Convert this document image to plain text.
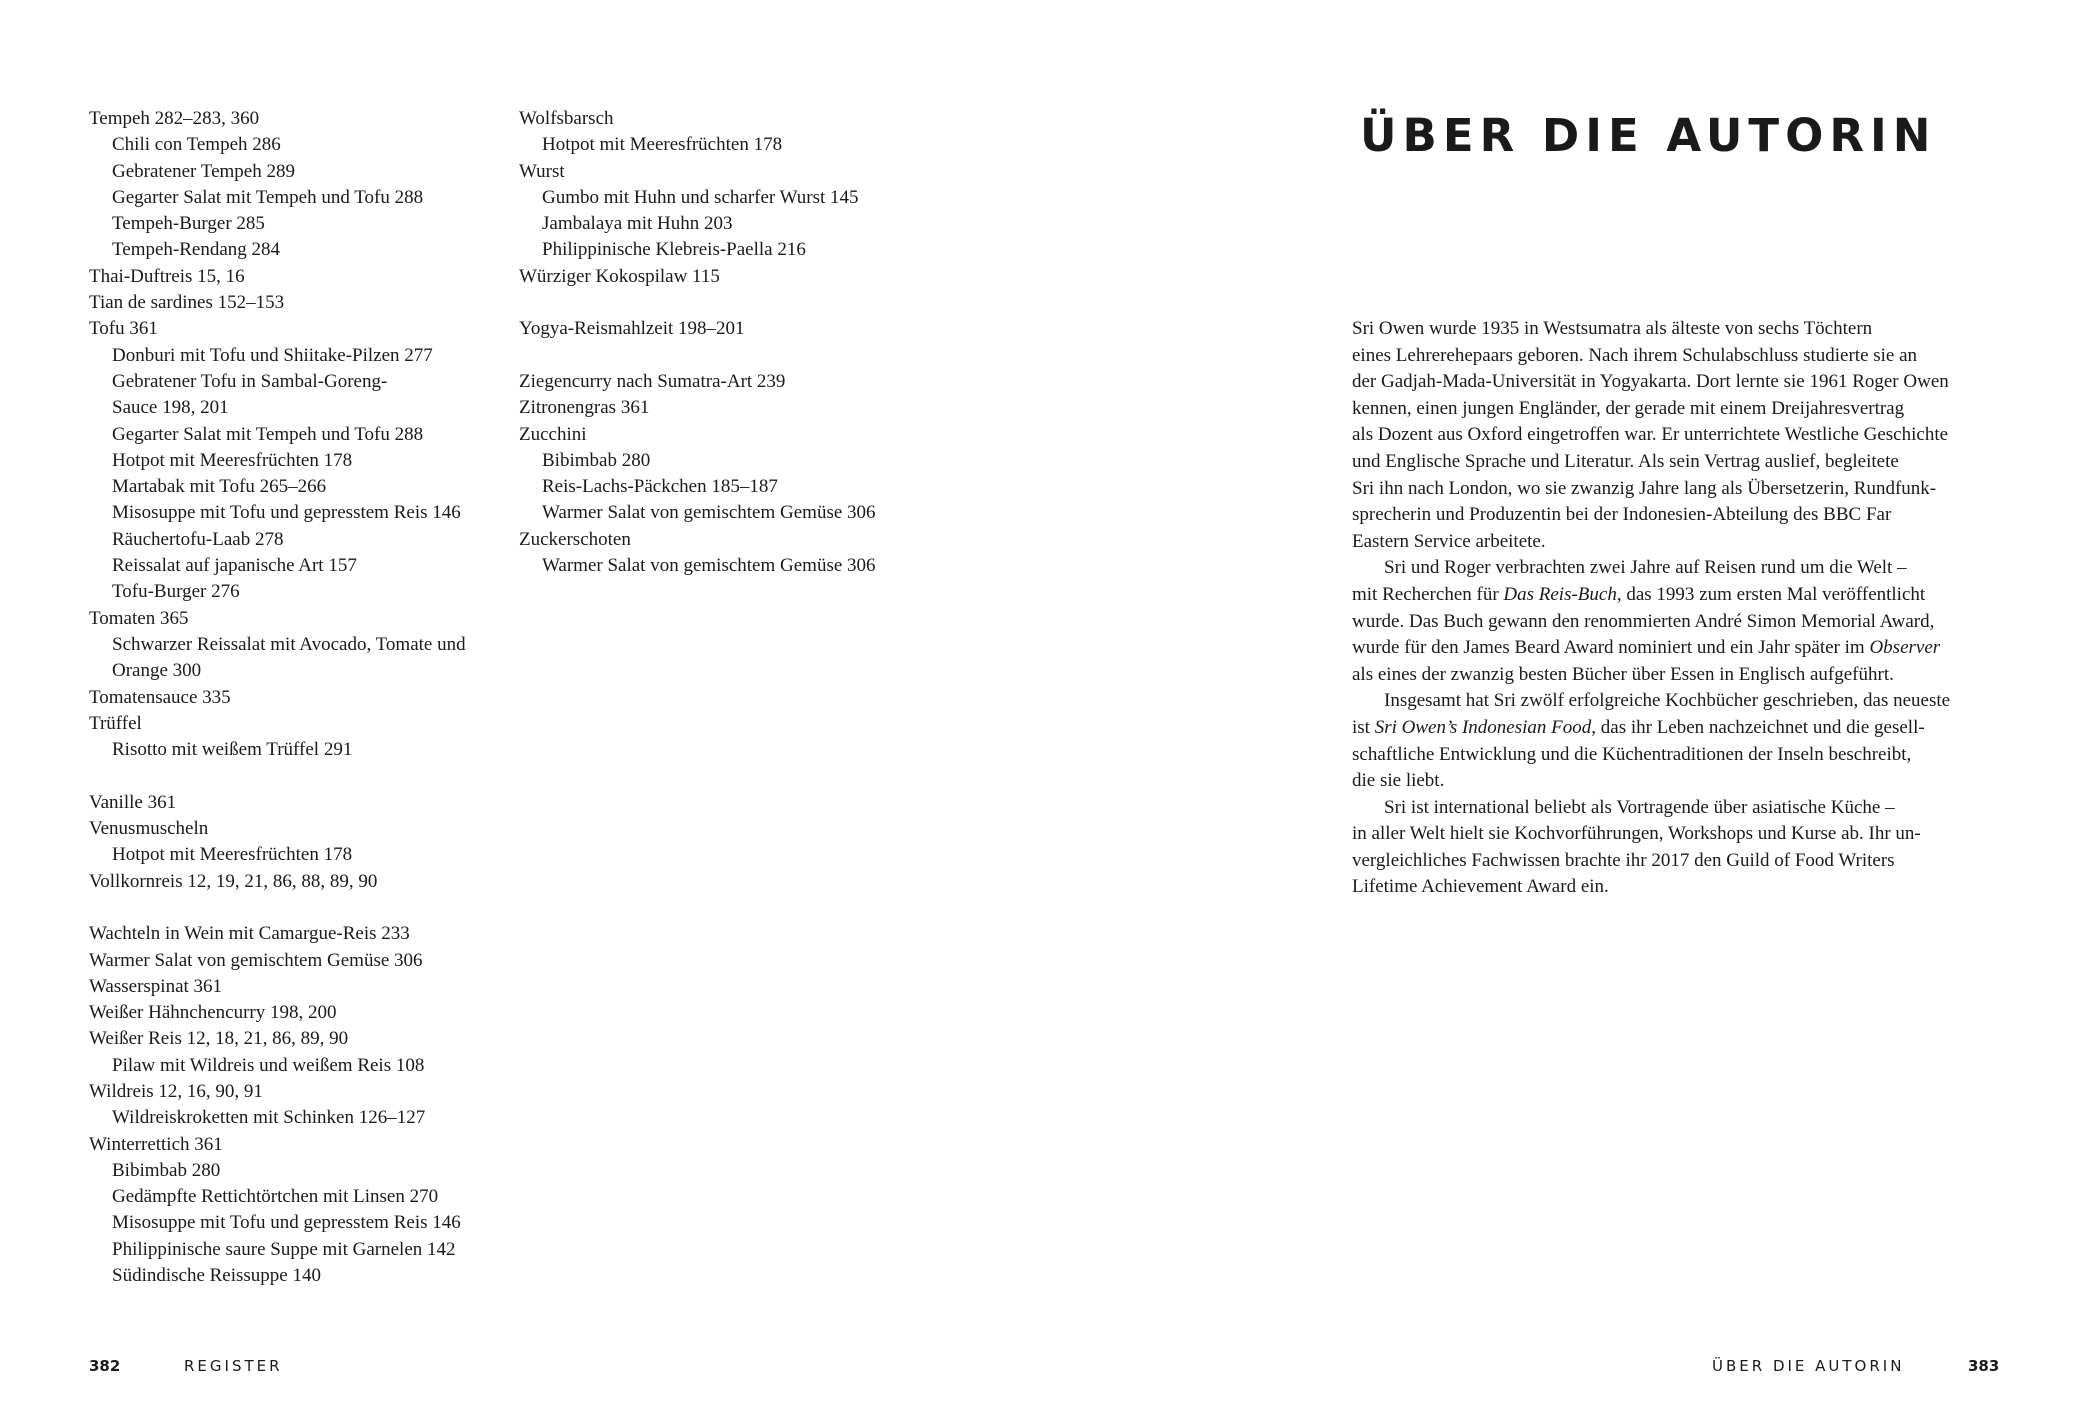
Tempeh 282–283, 360
Chili con Tempeh 286
Gebratener Tempeh 289
Gegarter Salat mit Tempeh und Tofu 288
Tempeh-Burger 285
Tempeh-Rendang 284
Thai-Duftreis 15, 16
Tian de sardines 152–153
Tofu 361
Donburi mit Tofu und Shiitake-Pilzen 277
Gebratener Tofu in Sambal-Goreng-
Sauce 198, 201
Gegarter Salat mit Tempeh und Tofu 288
Hotpot mit Meeresfrüchten 178
Martabak mit Tofu 265–266
Misosuppe mit Tofu und gepresstem Reis 146
Räuchertofu-Laab 278
Reissalat auf japanische Art 157
Tofu-Burger 276
Tomaten 365
Schwarzer Reissalat mit Avocado, Tomate und
Orange 300
Tomatensauce 335
Trüffel
Risotto mit weißem Trüffel 291
Vanille 361
Venusmuscheln
Hotpot mit Meeresfrüchten 178
Vollkornreis 12, 19, 21, 86, 88, 89, 90
Wachteln in Wein mit Camargue-Reis 233
Warmer Salat von gemischtem Gemüse 306
Wasserspinat 361
Weißer Hähnchencurry 198, 200
Weißer Reis 12, 18, 21, 86, 89, 90
Pilaw mit Wildreis und weißem Reis 108
Wildreis 12, 16, 90, 91
Wildreiskroketten mit Schinken 126–127
Winterrettich 361
Bibimbab 280
Gedämpfte Rettichtörtchen mit Linsen 270
Misosuppe mit Tofu und gepresstem Reis 146
Philippinische saure Suppe mit Garnelen 142
Südindische Reissuppe 140
Wolfsbarsch
Hotpot mit Meeresfrüchten 178
Wurst
Gumbo mit Huhn und scharfer Wurst 145
Jambalaya mit Huhn 203
Philippinische Klebreis-Paella 216
Würziger Kokospilaw 115
Yogya-Reismahlzeit 198–201
Ziegencurry nach Sumatra-Art 239
Zitronengras 361
Zucchini
Bibimbab 280
Reis-Lachs-Päckchen 185–187
Warmer Salat von gemischtem Gemüse 306
Zuckerschoten
Warmer Salat von gemischtem Gemüse 306
382	REGISTER
ÜBER DIE AUTORIN
Sri Owen wurde 1935 in Westsumatra als älteste von sechs Töchtern
eines Lehrerehepaars geboren. Nach ihrem Schulabschluss studierte sie an
der Gadjah-Mada-Universität in Yogyakarta. Dort lernte sie 1961 Roger Owen
kennen, einen jungen Engländer, der gerade mit einem Dreijahresvertrag
als Dozent aus Oxford eingetroffen war. Er unterrichtete Westliche Geschichte
und Englische Sprache und Literatur. Als sein Vertrag auslief, begleitete
Sri ihn nach London, wo sie zwanzig Jahre lang als Übersetzerin, Rundfunk-
sprecherin und Produzentin bei der Indonesien-Abteilung des BBC Far
Eastern Service arbeitete.
Sri und Roger verbrachten zwei Jahre auf Reisen rund um die Welt –
mit Recherchen für Das Reis-Buch, das 1993 zum ersten Mal veröffentlicht
wurde. Das Buch gewann den renommierten André Simon Memorial Award,
wurde für den James Beard Award nominiert und ein Jahr später im Observer
als eines der zwanzig besten Bücher über Essen in Englisch aufgeführt.
Insgesamt hat Sri zwölf erfolgreiche Kochbücher geschrieben, das neueste
ist Sri Owen’s Indonesian Food, das ihr Leben nachzeichnet und die gesell-
schaftliche Entwicklung und die Küchentraditionen der Inseln beschreibt,
die sie liebt.
Sri ist international beliebt als Vortragende über asiatische Küche –
in aller Welt hielt sie Kochvorführungen, Workshops und Kurse ab. Ihr un-
vergleichliches Fachwissen brachte ihr 2017 den Guild of Food Writers
Lifetime Achievement Award ein.
ÜBER DIE AUTORIN	383
